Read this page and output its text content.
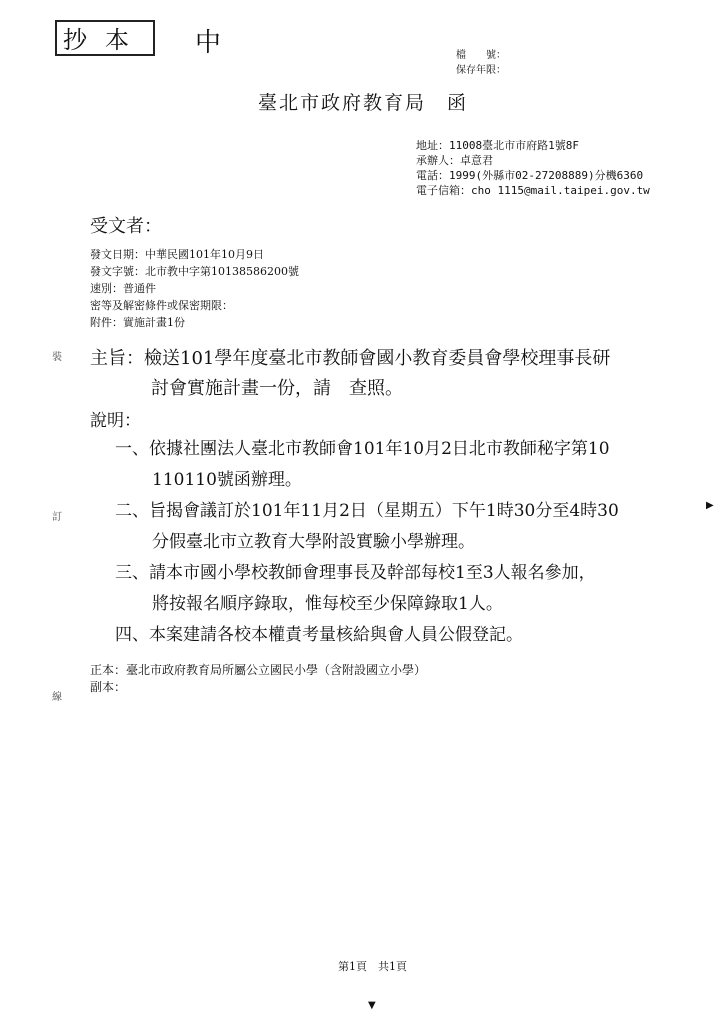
抄本	中	檔　　號：
保存年限：
臺北市政府教育局　函
地址：11008臺北市市府路1號8F
承辦人：卓意君
電話：1999(外縣市02-27208889)分機6360
電子信箱：cho 1115@mail.taipei.gov.tw
受文者：
發文日期：中華民國101年10月9日
發文字號：北市教中字第10138586200號
速別：普通件
密等及解密條件或保密期限：
附件：實施計畫1份
裝
訂
線
主旨：檢送101學年度臺北市教師會國小教育委員會學校理事長研
討會實施計畫一份，請　查照。
說明：
一、依據社團法人臺北市教師會101年10月2日北市教師秘字第10
110110號函辦理。
二、旨揭會議訂於101年11月2日（星期五）下午1時30分至4時30
分假臺北市立教育大學附設實驗小學辦理。
三、請本市國小學校教師會理事長及幹部每校1至3人報名參加，
將按報名順序錄取，惟每校至少保障錄取1人。
四、本案建請各校本權責考量核給與會人員公假登記。
正本：臺北市政府教育局所屬公立國民小學（含附設國立小學）
副本：
第1頁　共1頁
▶
▼
